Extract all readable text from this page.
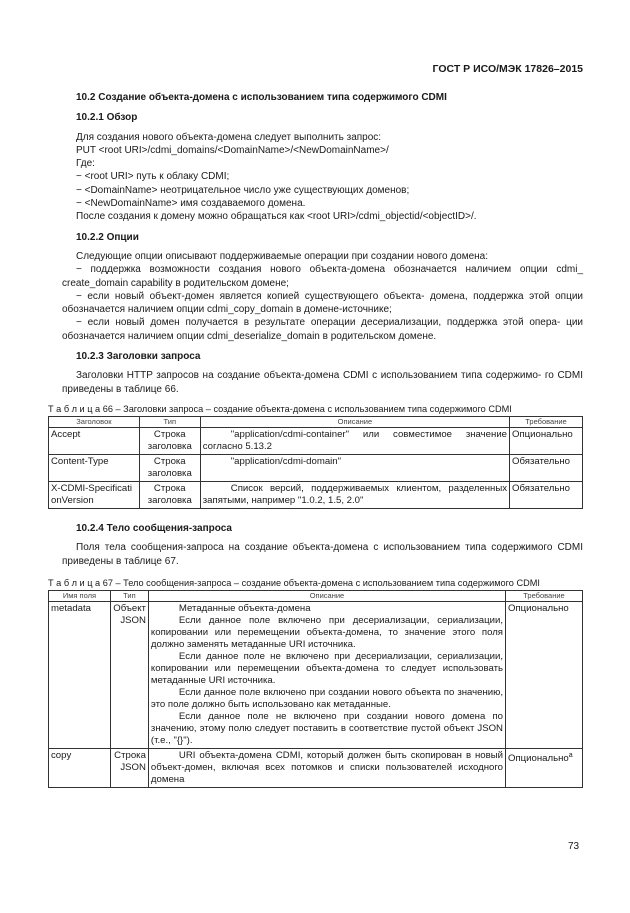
ГОСТ Р ИСО/МЭК 17826–2015
10.2 Создание объекта-домена с использованием типа содержимого CDMI
10.2.1 Обзор

Для создания нового объекта-домена следует выполнить запрос:

PUT <root URI>/cdmi_domains/<DomainName>/<NewDomainName>/

Где:

− <root URI> путь к облаку CDMI;

− <DomainName> неотрицательное число уже существующих доменов;

− <NewDomainName> имя создаваемого домена.

После создания к домену можно обращаться как <root URI>/cdmi_objectid/<objectID>/.

10.2.2 Опции

Следующие опции описывают поддерживаемые операции при создании нового домена:

− поддержка возможности создания нового объекта-домена обозначается наличием опции cdmi_ create_domain capability в родительском домене;

− если новый объект-домен является копией существующего объекта- домена, поддержка этой опции обозначается наличием опции cdmi_copy_domain в домене-источнике;

− если новый домен получается в результате операции десериализации, поддержка этой опера- ции обозначается наличием опции cdmi_deserialize_domain в родительском домене.

10.2.3 Заголовки запроса

Заголовки HTTP запросов на создание объекта-домена CDMI с использованием типа содержимо- го CDMI приведены в таблице 66.

Т а б л и ц а 66 – Заголовки запроса – создание объекта-домена с использованием типа содержимого CDMI
Заголовок	Тип	Описание	Требование
Accept	Строка заголовка	"application/cdmi-container" или совместимое значение согласно 5.13.2	Опционально
Content-Type	Строка заголовка	"application/cdmi-domain"	Обязательно
X-CDMI-SpecificationVersion	Строка заголовка	Список версий, поддерживаемых клиентом, разделенных запятыми, например "1.0.2, 1.5, 2.0"	Обязательно
10.2.4 Тело сообщения-запроса

Поля тела сообщения-запроса на создание объекта-домена с использованием типа содержимого CDMI приведены в таблице 67.

Т а б л и ц а 67 – Тело сообщения-запроса – создание объекта-домена с использованием типа содержимого CDMI
Имя поля	Тип	Описание	Требование
metadata	Объект JSON	Метаданные объекта-домена

Если данное поле включено при десериализации, сериализации, копировании или перемещении объекта-домена, то значение этого поля должно заменять метаданные URI источника.

Если данное поле не включено при десериализации, сериализации, копировании или перемещении объекта-домена то следует использовать метаданные URI источника.

Если данное поле включено при создании нового объекта по значению, это поле должно быть использовано как метаданные.

Если данное поле не включено при создании нового домена по значению, этому полю следует поставить в соответствие пустой объект JSON (т.е., "{}").	Опционально
copy	Строка JSON	URI объекта-домена CDMI, который должен быть скопирован в новый объект-домен, включая всех потомков и списки пользователей исходного домена	Опционально$^a$
73
